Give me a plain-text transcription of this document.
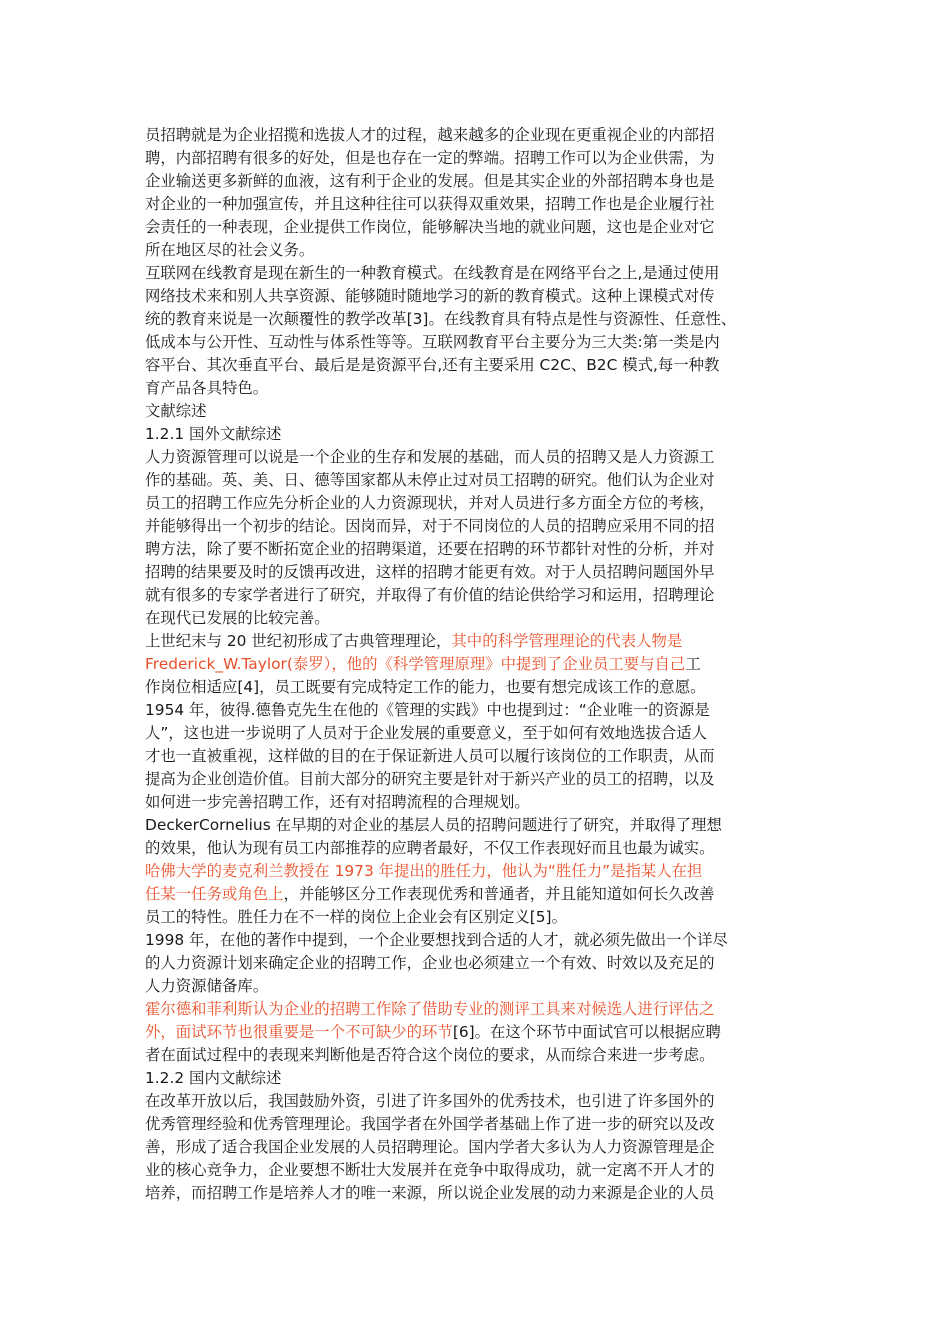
员招聘就是为企业招揽和选拔人才的过程，越来越多的企业现在更重视企业的内部招
聘，内部招聘有很多的好处，但是也存在一定的弊端。招聘工作可以为企业供需，为
企业输送更多新鲜的血液，这有利于企业的发展。但是其实企业的外部招聘本身也是
对企业的一种加强宣传，并且这种往往可以获得双重效果，招聘工作也是企业履行社
会责任的一种表现，企业提供工作岗位，能够解决当地的就业问题，这也是企业对它
所在地区尽的社会义务。
互联网在线教育是现在新生的一种教育模式。在线教育是在网络平台之上,是通过使用
网络技术来和别人共享资源、能够随时随地学习的新的教育模式。这种上课模式对传
统的教育来说是一次颠覆性的教学改革[3]。在线教育具有特点是性与资源性、任意性、
低成本与公开性、互动性与体系性等等。互联网教育平台主要分为三大类:第一类是内
容平台、其次垂直平台、最后是是资源平台,还有主要采用 C2C、B2C 模式,每一种教
育产品各具特色。
文献综述
1.2.1 国外文献综述
人力资源管理可以说是一个企业的生存和发展的基础，而人员的招聘又是人力资源工
作的基础。英、美、日、德等国家都从未停止过对员工招聘的研究。他们认为企业对
员工的招聘工作应先分析企业的人力资源现状，并对人员进行多方面全方位的考核，
并能够得出一个初步的结论。因岗而异，对于不同岗位的人员的招聘应采用不同的招
聘方法，除了要不断拓宽企业的招聘渠道，还要在招聘的环节都针对性的分析，并对
招聘的结果要及时的反馈再改进，这样的招聘才能更有效。对于人员招聘问题国外早
就有很多的专家学者进行了研究，并取得了有价值的结论供给学习和运用，招聘理论
在现代已发展的比较完善。
上世纪末与 20 世纪初形成了古典管理理论，其中的科学管理理论的代表人物是
Frederick_W.Taylor(泰罗），他的《科学管理原理》中提到了企业员工要与自己工
作岗位相适应[4]，员工既要有完成特定工作的能力，也要有想完成该工作的意愿。
1954 年，彼得.德鲁克先生在他的《管理的实践》中也提到过：“企业唯一的资源是
人”，这也进一步说明了人员对于企业发展的重要意义，至于如何有效地选拔合适人
才也一直被重视，这样做的目的在于保证新进人员可以履行该岗位的工作职责，从而
提高为企业创造价值。目前大部分的研究主要是针对于新兴产业的员工的招聘，以及
如何进一步完善招聘工作，还有对招聘流程的合理规划。
DeckerCornelius 在早期的对企业的基层人员的招聘问题进行了研究，并取得了理想
的效果，他认为现有员工内部推荐的应聘者最好，不仅工作表现好而且也最为诚实。
哈佛大学的麦克利兰教授在 1973 年提出的胜任力，他认为“胜任力”是指某人在担
任某一任务或角色上，并能够区分工作表现优秀和普通者，并且能知道如何长久改善
员工的特性。胜任力在不一样的岗位上企业会有区别定义[5]。
1998 年，在他的著作中提到，一个企业要想找到合适的人才，就必须先做出一个详尽
的人力资源计划来确定企业的招聘工作，企业也必须建立一个有效、时效以及充足的
人力资源储备库。
霍尔德和菲利斯认为企业的招聘工作除了借助专业的测评工具来对候选人进行评估之
外，面试环节也很重要是一个不可缺少的环节[6]。在这个环节中面试官可以根据应聘
者在面试过程中的表现来判断他是否符合这个岗位的要求，从而综合来进一步考虑。
1.2.2 国内文献综述
在改革开放以后，我国鼓励外资，引进了许多国外的优秀技术，也引进了许多国外的
优秀管理经验和优秀管理理论。我国学者在外国学者基础上作了进一步的研究以及改
善，形成了适合我国企业发展的人员招聘理论。国内学者大多认为人力资源管理是企
业的核心竞争力，企业要想不断壮大发展并在竞争中取得成功，就一定离不开人才的
培养，而招聘工作是培养人才的唯一来源，所以说企业发展的动力来源是企业的人员
